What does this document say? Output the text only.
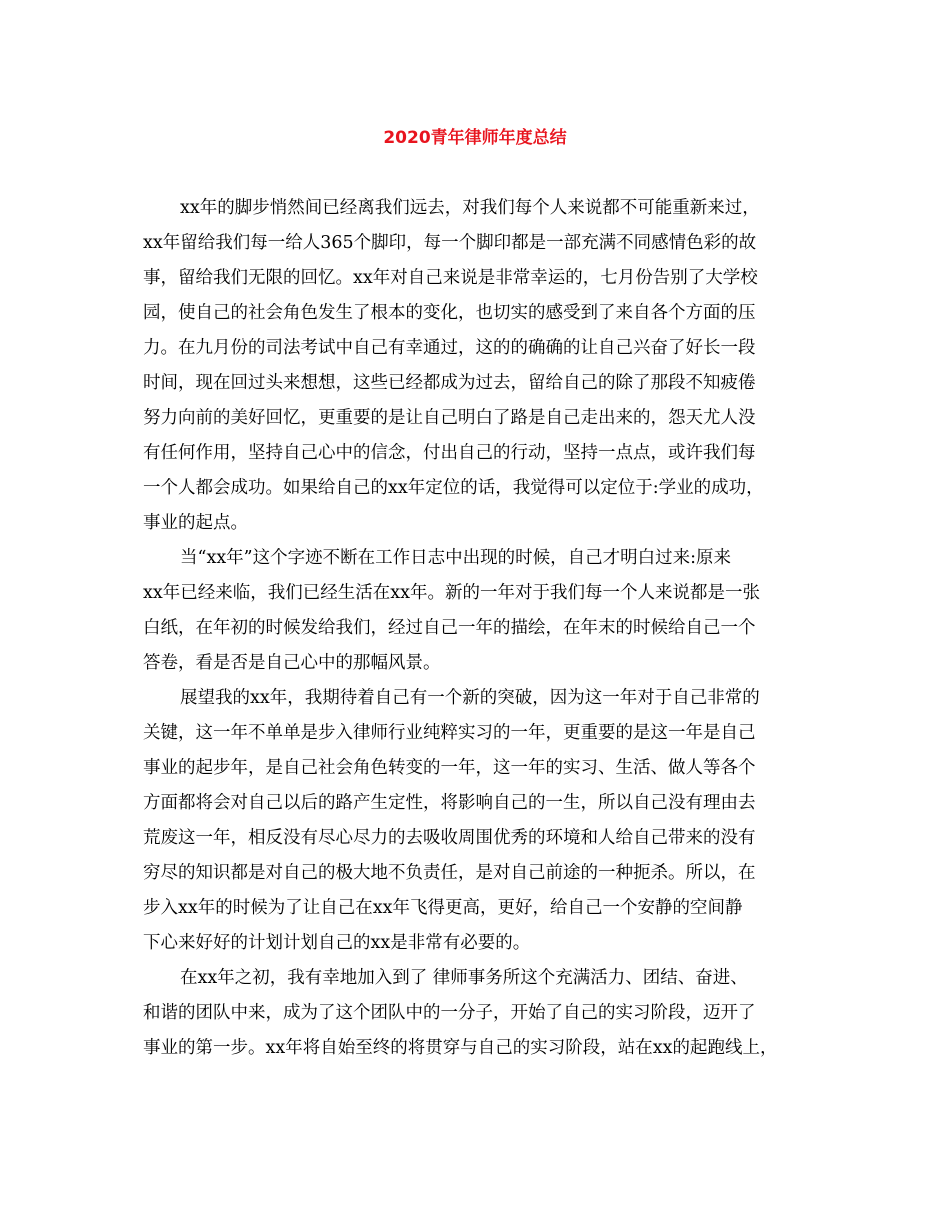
2020青年律师年度总结
xx年的脚步悄然间已经离我们远去，对我们每个人来说都不可能重新来过，
xx年留给我们每一给人365个脚印，每一个脚印都是一部充满不同感情色彩的故
事，留给我们无限的回忆。xx年对自己来说是非常幸运的，七月份告别了大学校
园，使自己的社会角色发生了根本的变化，也切实的感受到了来自各个方面的压
力。在九月份的司法考试中自己有幸通过，这的的确确的让自己兴奋了好长一段
时间，现在回过头来想想，这些已经都成为过去，留给自己的除了那段不知疲倦
努力向前的美好回忆，更重要的是让自己明白了路是自己走出来的，怨天尤人没
有任何作用，坚持自己心中的信念，付出自己的行动，坚持一点点，或许我们每
一个人都会成功。如果给自己的xx年定位的话，我觉得可以定位于:学业的成功，
事业的起点。
当“xx年”这个字迹不断在工作日志中出现的时候，自己才明白过来:原来
xx年已经来临，我们已经生活在xx年。新的一年对于我们每一个人来说都是一张
白纸，在年初的时候发给我们，经过自己一年的描绘，在年末的时候给自己一个
答卷，看是否是自己心中的那幅风景。
展望我的xx年，我期待着自己有一个新的突破，因为这一年对于自己非常的
关键，这一年不单单是步入律师行业纯粹实习的一年，更重要的是这一年是自己
事业的起步年，是自己社会角色转变的一年，这一年的实习、生活、做人等各个
方面都将会对自己以后的路产生定性，将影响自己的一生，所以自己没有理由去
荒废这一年，相反没有尽心尽力的去吸收周围优秀的环境和人给自己带来的没有
穷尽的知识都是对自己的极大地不负责任，是对自己前途的一种扼杀。所以，在
步入xx年的时候为了让自己在xx年飞得更高，更好，给自己一个安静的空间静
下心来好好的计划计划自己的xx是非常有必要的。
在xx年之初，我有幸地加入到了 律师事务所这个充满活力、团结、奋进、
和谐的团队中来，成为了这个团队中的一分子，开始了自己的实习阶段，迈开了
事业的第一步。xx年将自始至终的将贯穿与自己的实习阶段，站在xx的起跑线上，
